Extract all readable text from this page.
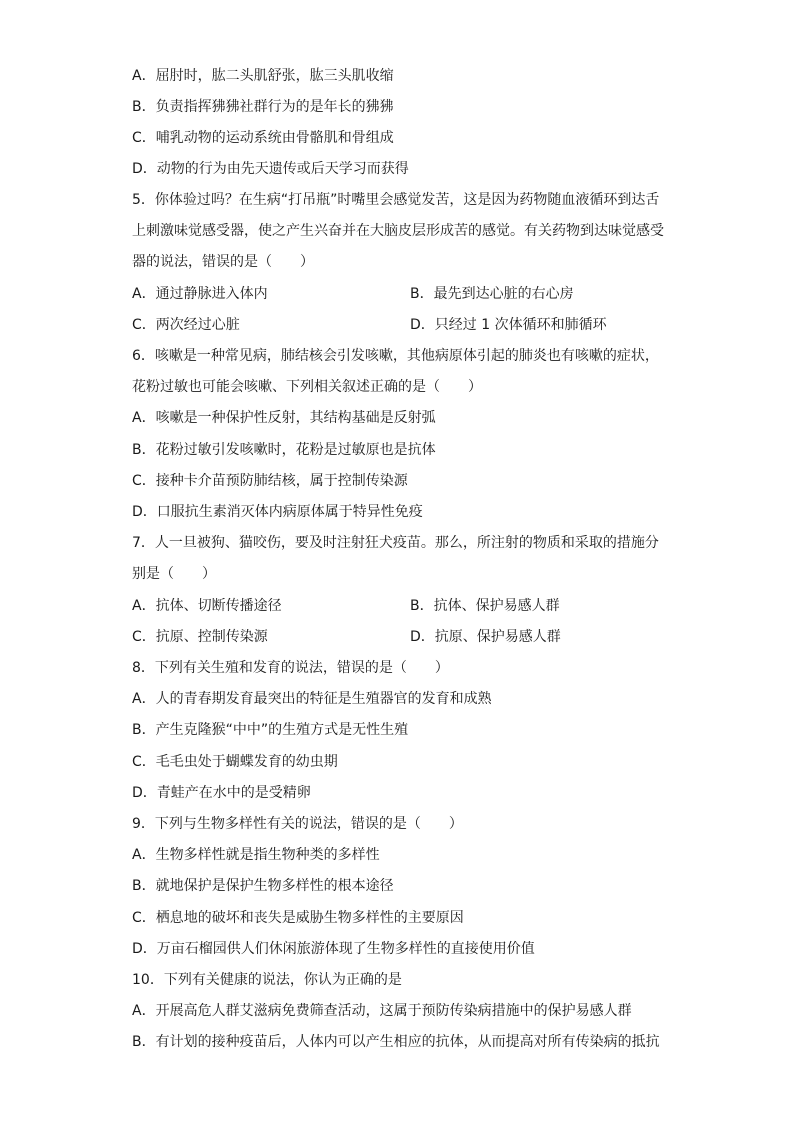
A．屈肘时，肱二头肌舒张，肱三头肌收缩
B．负责指挥狒狒社群行为的是年长的狒狒
C．哺乳动物的运动系统由骨骼肌和骨组成
D．动物的行为由先天遗传或后天学习而获得
5．你体验过吗？在生病“打吊瓶”时嘴里会感觉发苦，这是因为药物随血液循环到达舌
上刺激味觉感受器，使之产生兴奋并在大脑皮层形成苦的感觉。有关药物到达味觉感受
器的说法，错误的是（　　）
A．通过静脉进入体内	B．最先到达心脏的右心房
C．两次经过心脏	D．只经过 1 次体循环和肺循环
6．咳嗽是一种常见病，肺结核会引发咳嗽，其他病原体引起的肺炎也有咳嗽的症状，
花粉过敏也可能会咳嗽、下列相关叙述正确的是（　　）
A．咳嗽是一种保护性反射，其结构基础是反射弧
B．花粉过敏引发咳嗽时，花粉是过敏原也是抗体
C．接种卡介苗预防肺结核，属于控制传染源
D．口服抗生素消灭体内病原体属于特异性免疫
7．人一旦被狗、猫咬伤，要及时注射狂犬疫苗。那么，所注射的物质和采取的措施分
别是（　　）
A．抗体、切断传播途径	B．抗体、保护易感人群
C．抗原、控制传染源	D．抗原、保护易感人群
8．下列有关生殖和发育的说法，错误的是（　　）
A．人的青春期发育最突出的特征是生殖器官的发育和成熟
B．产生克隆猴“中中”的生殖方式是无性生殖
C．毛毛虫处于蝴蝶发育的幼虫期
D．青蛙产在水中的是受精卵
9．下列与生物多样性有关的说法，错误的是（　　）
A．生物多样性就是指生物种类的多样性
B．就地保护是保护生物多样性的根本途径
C．栖息地的破坏和丧失是威胁生物多样性的主要原因
D．万亩石榴园供人们休闲旅游体现了生物多样性的直接使用价值
10．下列有关健康的说法，你认为正确的是
A．开展高危人群艾滋病免费筛查活动，这属于预防传染病措施中的保护易感人群
B．有计划的接种疫苗后，人体内可以产生相应的抗体，从而提高对所有传染病的抵抗
